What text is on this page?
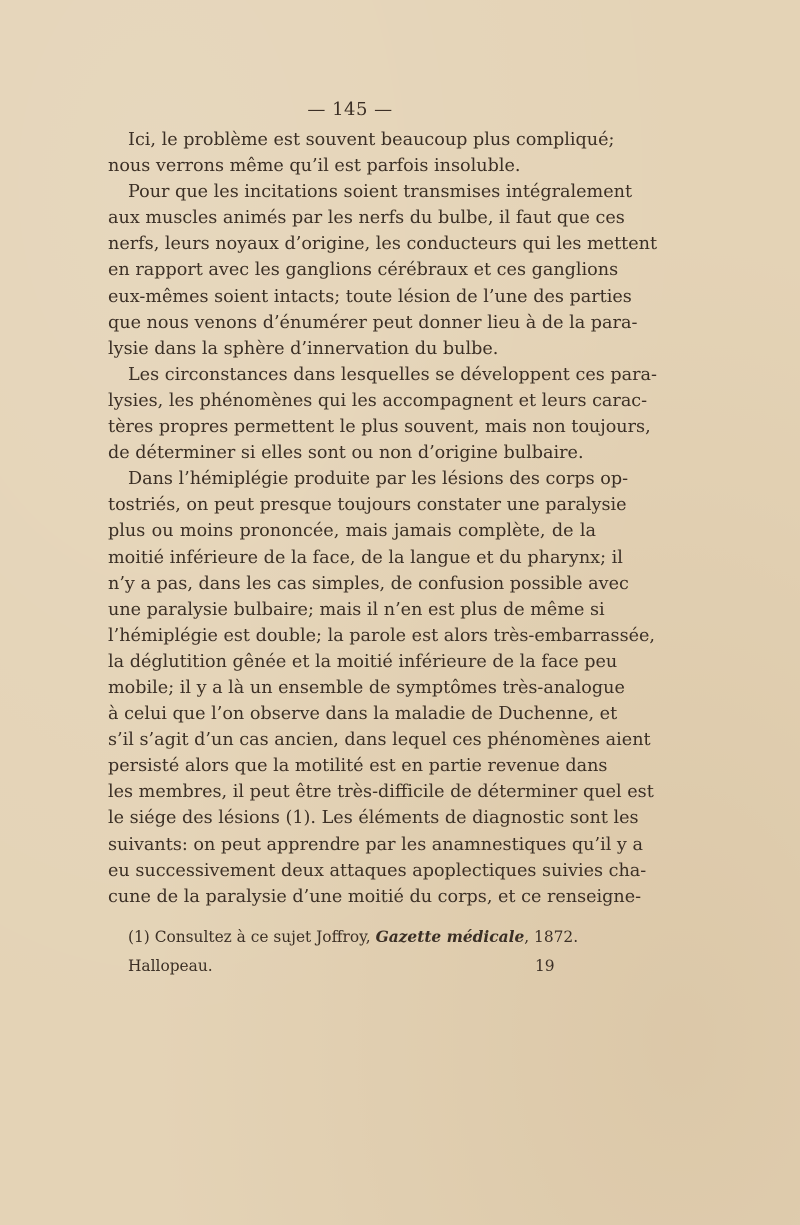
— 145 —
Ici, le problème est souvent beaucoup plus compliqué;
nous verrons même qu’il est parfois insoluble.
Pour que les incitations soient transmises intégralement
aux muscles animés par les nerfs du bulbe, il faut que ces
nerfs, leurs noyaux d’origine, les conducteurs qui les mettent
en rapport avec les ganglions cérébraux et ces ganglions
eux-mêmes soient intacts; toute lésion de l’une des parties
que nous venons d’énumérer peut donner lieu à de la para-
lysie dans la sphère d’innervation du bulbe.
Les circonstances dans lesquelles se développent ces para-
lysies, les phénomènes qui les accompagnent et leurs carac-
tères propres permettent le plus souvent, mais non toujours,
de déterminer si elles sont ou non d’origine bulbaire.
Dans l’hémiplégie produite par les lésions des corps op-
tostriés, on peut presque toujours constater une paralysie
plus ou moins prononcée, mais jamais complète, de la
moitié inférieure de la face, de la langue et du pharynx; il
n’y a pas, dans les cas simples, de confusion possible avec
une paralysie bulbaire; mais il n’en est plus de même si
l’hémiplégie est double; la parole est alors très-embarrassée,
la déglutition gênée et la moitié inférieure de la face peu
mobile; il y a là un ensemble de symptômes très-analogue
à celui que l’on observe dans la maladie de Duchenne, et
s’il s’agit d’un cas ancien, dans lequel ces phénomènes aient
persisté alors que la motilité est en partie revenue dans
les membres, il peut être très-difficile de déterminer quel est
le siége des lésions (1). Les éléments de diagnostic sont les
suivants: on peut apprendre par les anamnestiques qu’il y a
eu successivement deux attaques apoplectiques suivies cha-
cune de la paralysie d’une moitié du corps, et ce renseigne-
(1) Consultez à ce sujet Joffroy, Gazette médicale, 1872.
Hallopeau.	19
